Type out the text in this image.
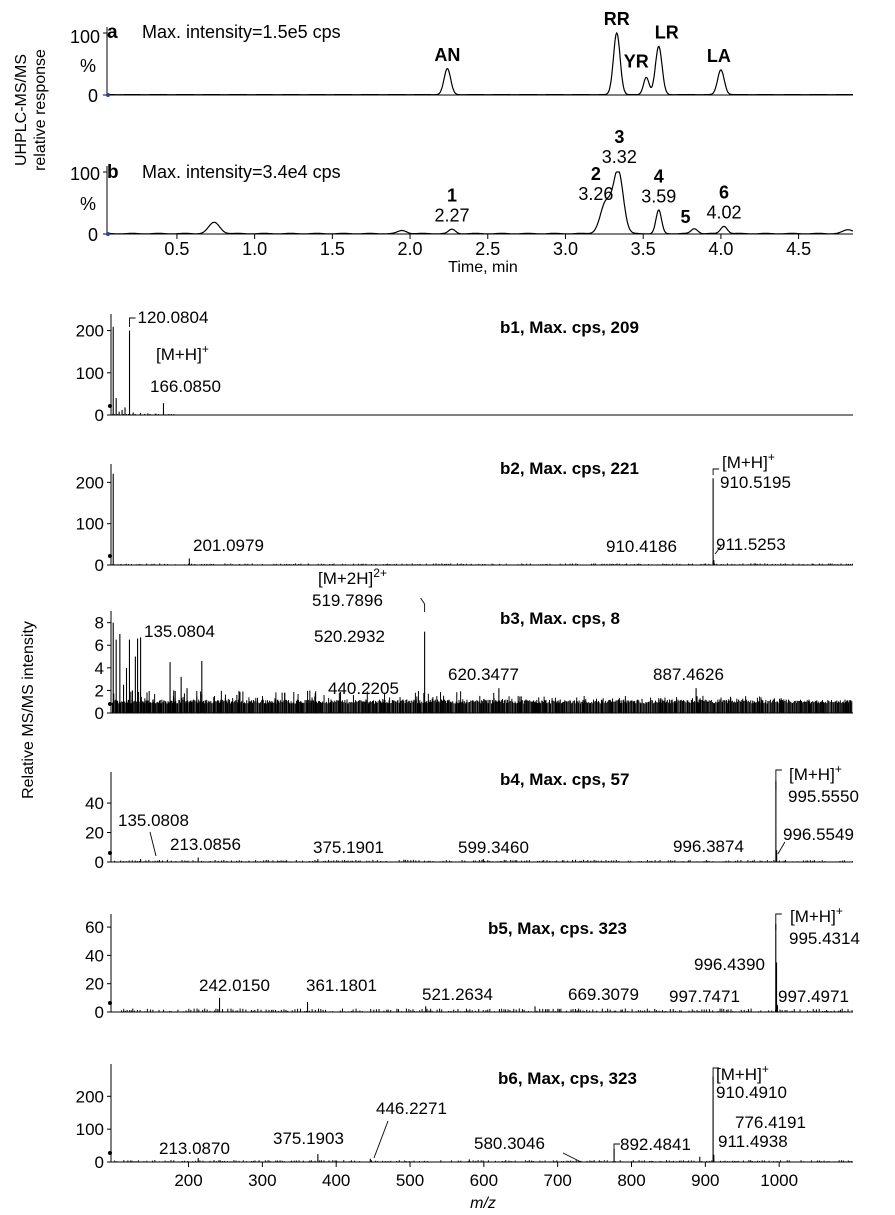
UHPLC-MS/MS relative response
Relative MS/MS intensity
a Max. intensity=1.5e5 cps
100
%
0
AN
RR
YR
LR
LA
b Max. intensity=3.4e4 cps
100
%
0
Time, min
0.5	1.0	1.5	2.0	2.5	3.0	3.5	4.0	4.5
2.27
1	3.26
2
3.32
3
3.59
4
5 4.02
6
b1, Max. cps, 209
b2, Max. cps, 221
b3, Max. cps, 8
b4, Max. cps, 57
b5, Max, cps. 323
b6, Max, cps, 323
m/z
0
100
200
0
100
200
0
2
4
6
8
0
20
40
0
20
40
60
0
100
200
120.0804
[M+H]+
166.0850
201.0979
[M+H]+
910.5195
910.4186 911.5253
$[M+2H]^{2+}$
519.7896
520.2932
135.0804
440.2205
620.3477	887.4626
[M+H]+
995.5550
135.0808
213.0856	375.1901	599.3460	996.3874
996.5549
[M+H]+
995.4314
996.4390
242.0150 361.1801	521.2634	669.3079 997.7471 997.4971
[M+H]+
910.4910
446.2271
213.0870
375.1903	580.3046
776.4191
892.4841 911.4938
200	300	400	500	600	700	800	900 1000
